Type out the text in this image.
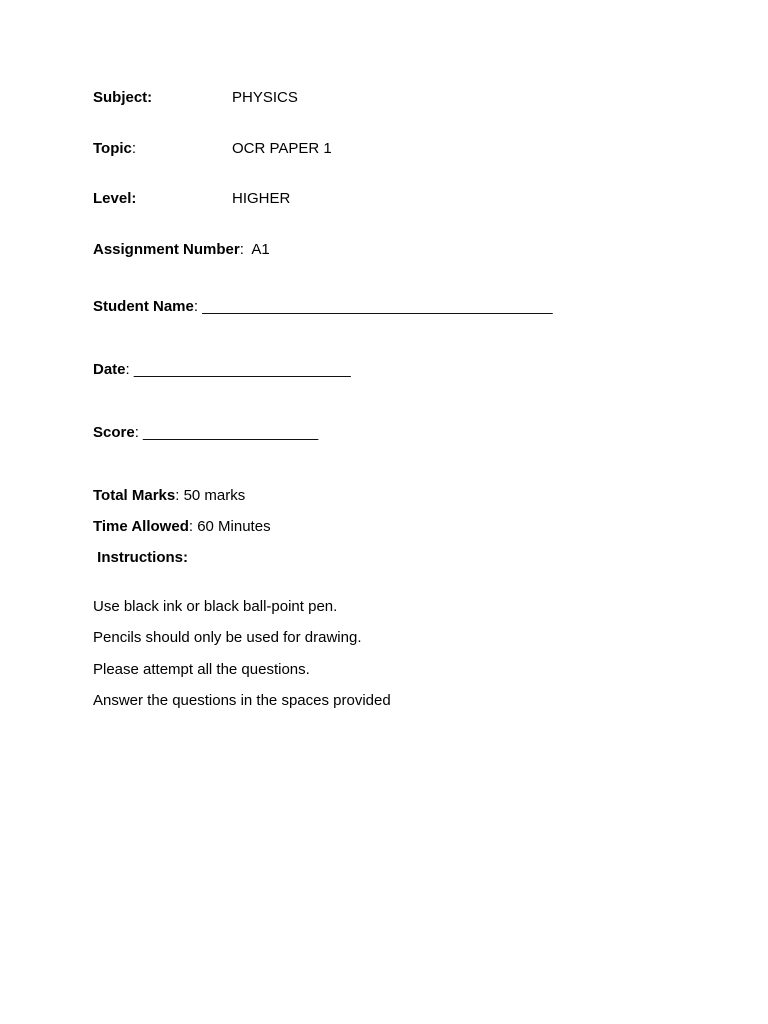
Subject:	PHYSICS
Topic:	OCR PAPER 1
Level:	HIGHER
Assignment Number:  A1
Student Name: __________________________________________
Date: __________________________
Score: _____________________
Total Marks: 50 marks
Time Allowed: 60 Minutes
Instructions:
Use black ink or black ball-point pen.
Pencils should only be used for drawing.
Please attempt all the questions.
Answer the questions in the spaces provided
